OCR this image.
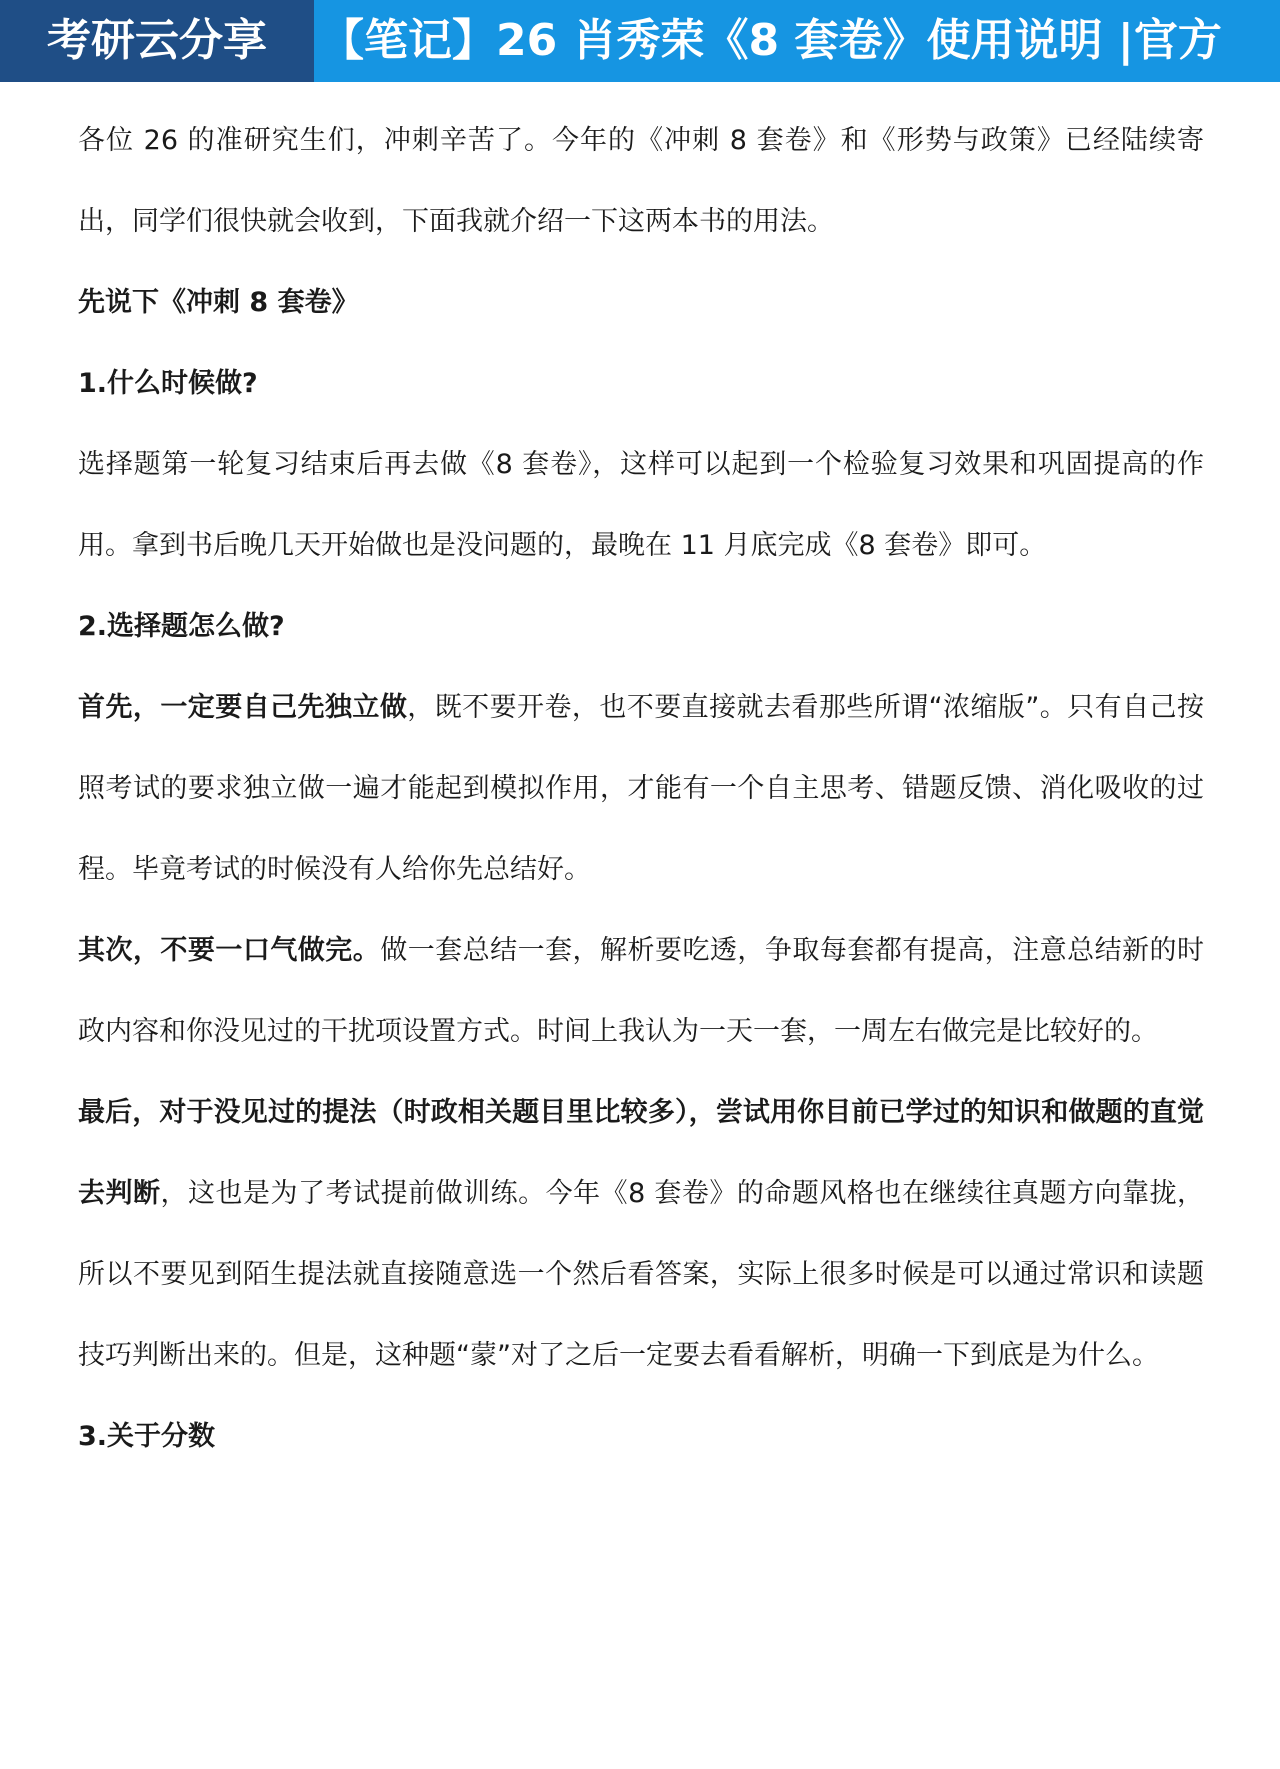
考研云分享	【笔记】26 肖秀荣《8 套卷》使用说明 |官方

各位 26 的准研究生们，冲刺辛苦了。今年的《冲刺 8 套卷》和《形势与政策》已经陆续寄出，同学们很快就会收到，下面我就介绍一下这两本书的用法。

先说下《冲刺 8 套卷》

1.什么时候做?

选择题第一轮复习结束后再去做《8 套卷》，这样可以起到一个检验复习效果和巩固提高的作用。拿到书后晚几天开始做也是没问题的，最晚在 11 月底完成《8 套卷》即可。

2.选择题怎么做?

首先，一定要自己先独立做，既不要开卷，也不要直接就去看那些所谓“浓缩版”。只有自己按照考试的要求独立做一遍才能起到模拟作用，才能有一个自主思考、错题反馈、消化吸收的过程。毕竟考试的时候没有人给你先总结好。

其次，不要一口气做完。做一套总结一套，解析要吃透，争取每套都有提高，注意总结新的时政内容和你没见过的干扰项设置方式。时间上我认为一天一套，一周左右做完是比较好的。

最后，对于没见过的提法（时政相关题目里比较多），尝试用你目前已学过的知识和做题的直觉去判断，这也是为了考试提前做训练。今年《8 套卷》的命题风格也在继续往真题方向靠拢，所以不要见到陌生提法就直接随意选一个然后看答案，实际上很多时候是可以通过常识和读题技巧判断出来的。但是，这种题“蒙”对了之后一定要去看看解析，明确一下到底是为什么。

3.关于分数
